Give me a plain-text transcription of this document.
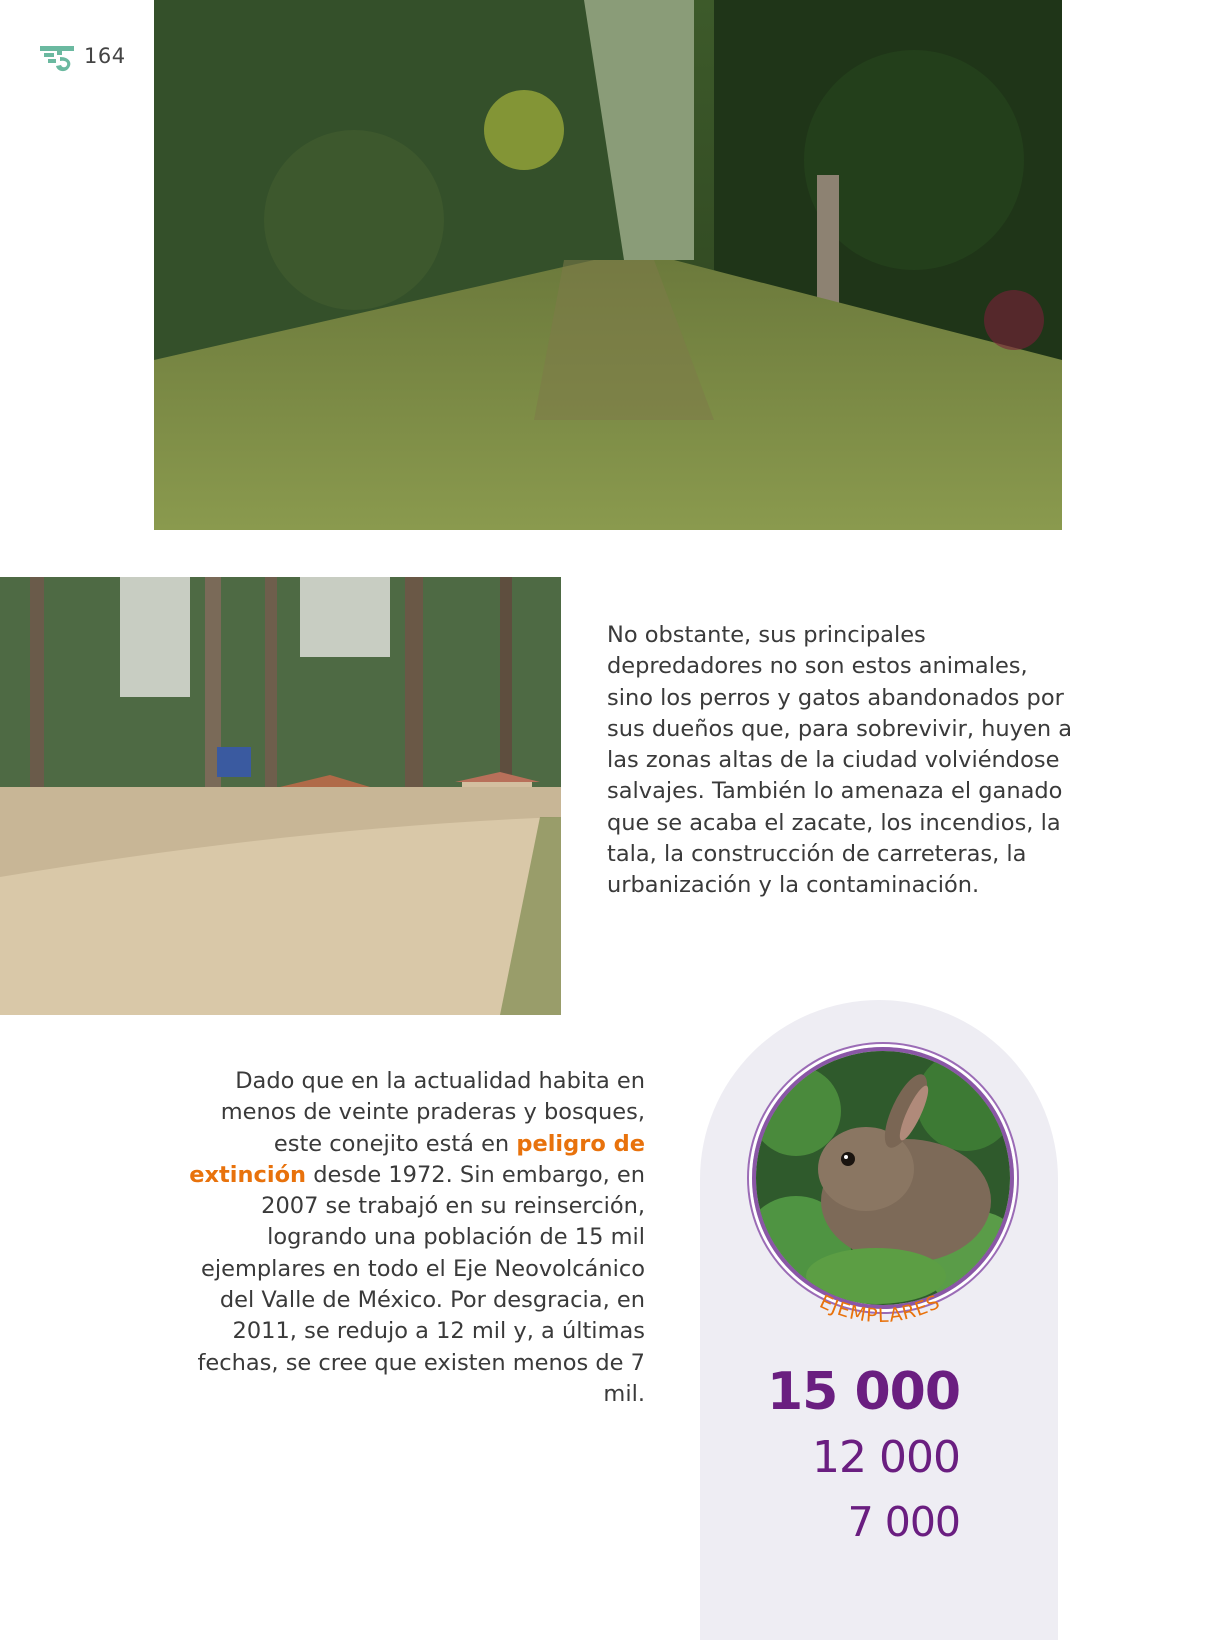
164

No obstante, sus principales depredadores no son estos animales, sino los perros y gatos abandonados por sus dueños que, para sobrevivir, huyen a las zonas altas de la ciudad volviéndose salvajes. También lo amenaza el ganado que se acaba el zacate, los incendios, la tala, la construcción de carreteras, la urbanización y la contaminación.

Dado que en la actualidad habita en menos de veinte praderas y bosques, este conejito está en peligro de extinción desde 1972. Sin embargo, en 2007 se trabajó en su reinserción, logrando una población de 15 mil ejemplares en todo el Eje Neovolcánico del Valle de México. Por desgracia, en 2011, se redujo a 12 mil y, a últimas fechas, se cree que existen menos de 7 mil.

EJEMPLARES
15 000
12 000
7 000
